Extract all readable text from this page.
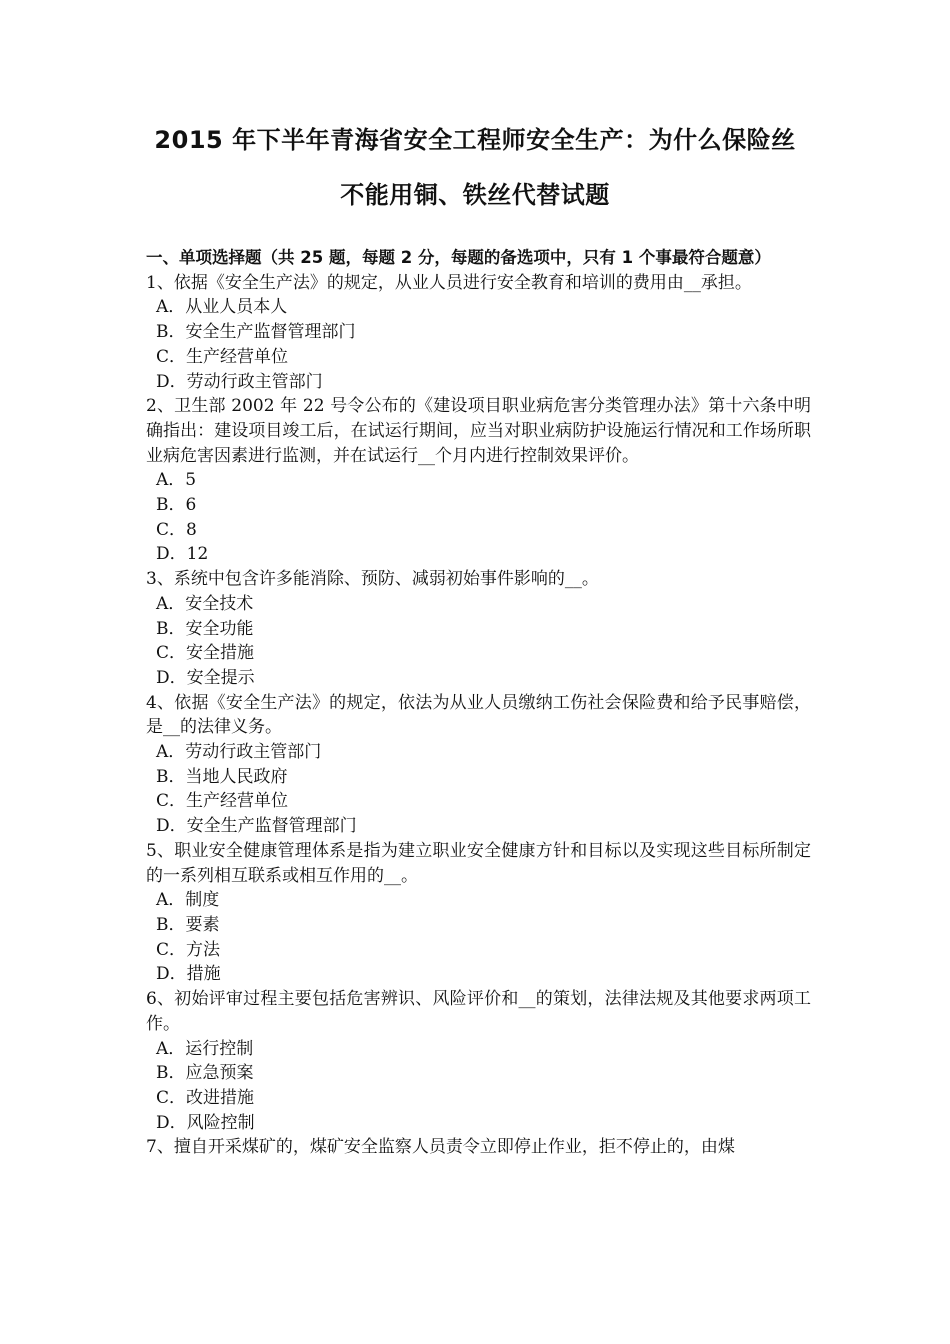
2015 年下半年青海省安全工程师安全生产：为什么保险丝
不能用铜、铁丝代替试题

一、单项选择题（共 25 题，每题 2 分，每题的备选项中，只有 1 个事最符合题意）

1、依据《安全生产法》的规定，从业人员进行安全教育和培训的费用由__承担。

A．从业人员本人

B．安全生产监督管理部门

C．生产经营单位

D．劳动行政主管部门

2、卫生部 2002 年 22 号令公布的《建设项目职业病危害分类管理办法》第十六条中明确指出：建设项目竣工后，在试运行期间，应当对职业病防护设施运行情况和工作场所职业病危害因素进行监测，并在试运行__个月内进行控制效果评价。

A．5

B．6

C．8

D．12

3、系统中包含许多能消除、预防、减弱初始事件影响的__。

A．安全技术

B．安全功能

C．安全措施

D．安全提示

4、依据《安全生产法》的规定，依法为从业人员缴纳工伤社会保险费和给予民事赔偿，是__的法律义务。

A．劳动行政主管部门

B．当地人民政府

C．生产经营单位

D．安全生产监督管理部门

5、职业安全健康管理体系是指为建立职业安全健康方针和目标以及实现这些目标所制定的一系列相互联系或相互作用的__。

A．制度

B．要素

C．方法

D．措施

6、初始评审过程主要包括危害辨识、风险评价和__的策划，法律法规及其他要求两项工作。

A．运行控制

B．应急预案

C．改进措施

D．风险控制

7、擅自开采煤矿的，煤矿安全监察人员责令立即停止作业，拒不停止的，由煤
